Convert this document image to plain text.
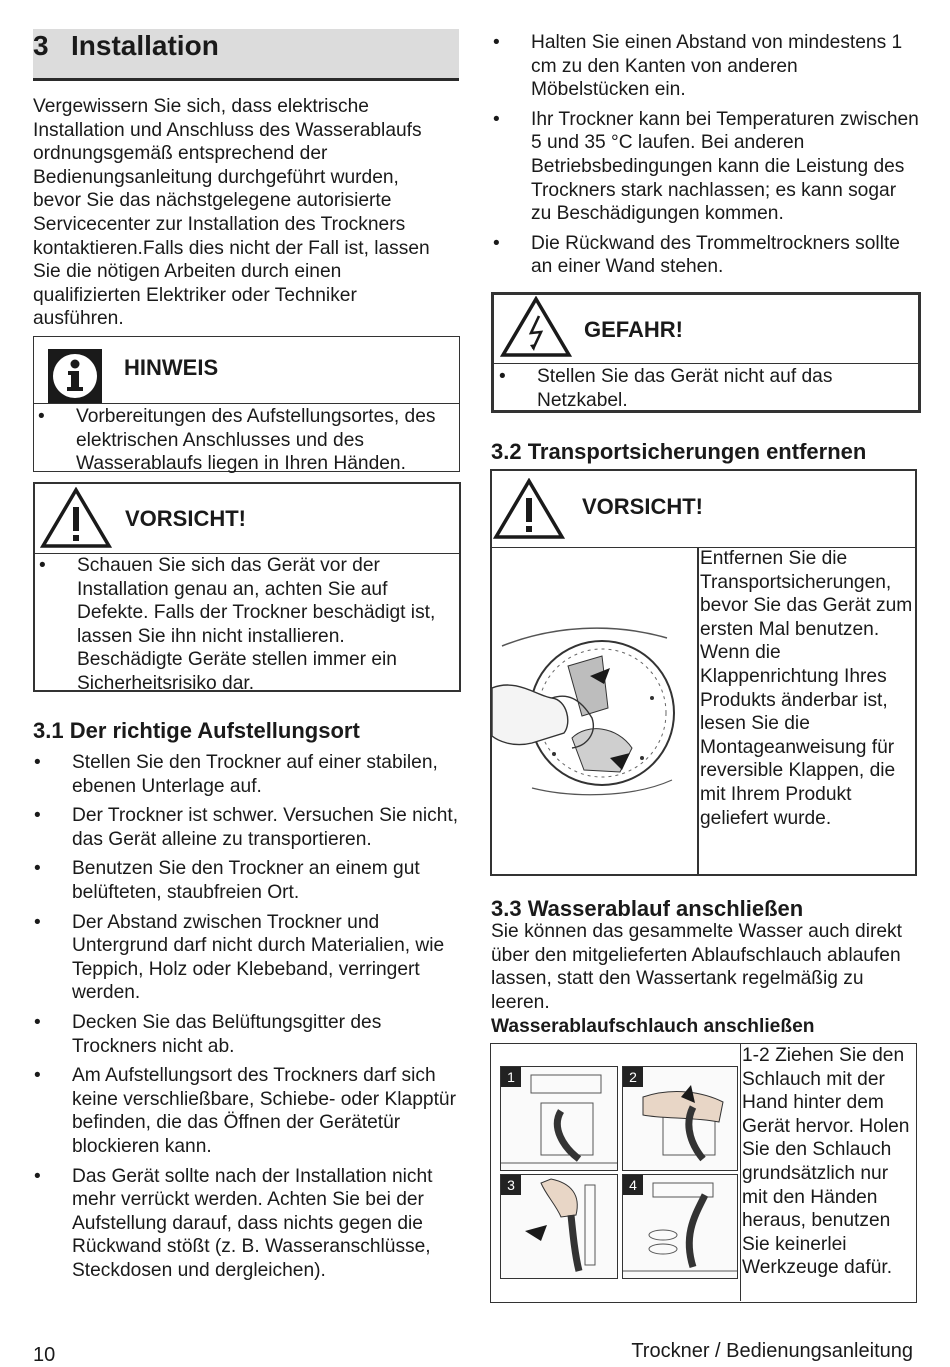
3 Installation

Vergewissern Sie sich, dass elektrische Installation und Anschluss des Wasserablaufs ordnungsgemäß entsprechend der Bedienungsanleitung durchgeführt wurden, bevor Sie das nächstgelegene autorisierte Servicecenter zur Installation des Trockners kontaktieren.Falls dies nicht der Fall ist, lassen Sie die nötigen Arbeiten durch einen qualifizierten Elektriker oder Techniker ausführen.

HINWEIS
• Vorbereitungen des Aufstellungsortes, des elektrischen Anschlusses und des Wasserablaufs liegen in Ihren Händen.
VORSICHT!
• Schauen Sie sich das Gerät vor der Installation genau an, achten Sie auf Defekte. Falls der Trockner beschädigt ist, lassen Sie ihn nicht installieren. Beschädigte Geräte stellen immer ein Sicherheitsrisiko dar.
3.1 Der richtige Aufstellungsort
• Stellen Sie den Trockner auf einer stabilen, ebenen Unterlage auf.
• Der Trockner ist schwer. Versuchen Sie nicht, das Gerät alleine zu transportieren.
• Benutzen Sie den Trockner an einem gut belüfteten, staubfreien Ort.
• Der Abstand zwischen Trockner und Untergrund darf nicht durch Materialien, wie Teppich, Holz oder Klebeband, verringert werden.
• Decken Sie das Belüftungsgitter des Trockners nicht ab.
• Am Aufstellungsort des Trockners darf sich keine verschließbare, Schiebe- oder Klapptür befinden, die das Öffnen der Gerätetür blockieren kann.
• Das Gerät sollte nach der Installation nicht mehr verrückt werden. Achten Sie bei der Aufstellung darauf, dass nichts gegen die Rückwand stößt (z. B. Wasseranschlüsse, Steckdosen und dergleichen).
• Halten Sie einen Abstand von mindestens 1 cm zu den Kanten von anderen Möbelstücken ein.
• Ihr Trockner kann bei Temperaturen zwischen 5 und 35 °C laufen. Bei anderen Betriebsbedingungen kann die Leistung des Trockners stark nachlassen; es kann sogar zu Beschädigungen kommen.
• Die Rückwand des Trommeltrockners sollte an einer Wand stehen.
GEFAHR!
• Stellen Sie das Gerät nicht auf das Netzkabel.
3.2 Transportsicherungen entfernen
VORSICHT!

Entfernen Sie die Transportsicherungen, bevor Sie das Gerät zum ersten Mal benutzen.
Wenn die Klappenrichtung Ihres Produkts änderbar ist, lesen Sie die Montageanweisung für reversible Klappen, die mit Ihrem Produkt geliefert wurde.

3.3 Wasserablauf anschließen

Sie können das gesammelte Wasser auch direkt über den mitgelieferten Ablaufschlauch ablaufen lassen, statt den Wassertank regelmäßig zu leeren.

Wasserablaufschlauch anschließen
1	2
3	4

1-2 Ziehen Sie den Schlauch mit der Hand hinter dem Gerät hervor. Holen Sie den Schlauch grundsätzlich nur mit den Händen heraus, benutzen Sie keinerlei Werkzeuge dafür.

10	Trockner / Bedienungsanleitung
